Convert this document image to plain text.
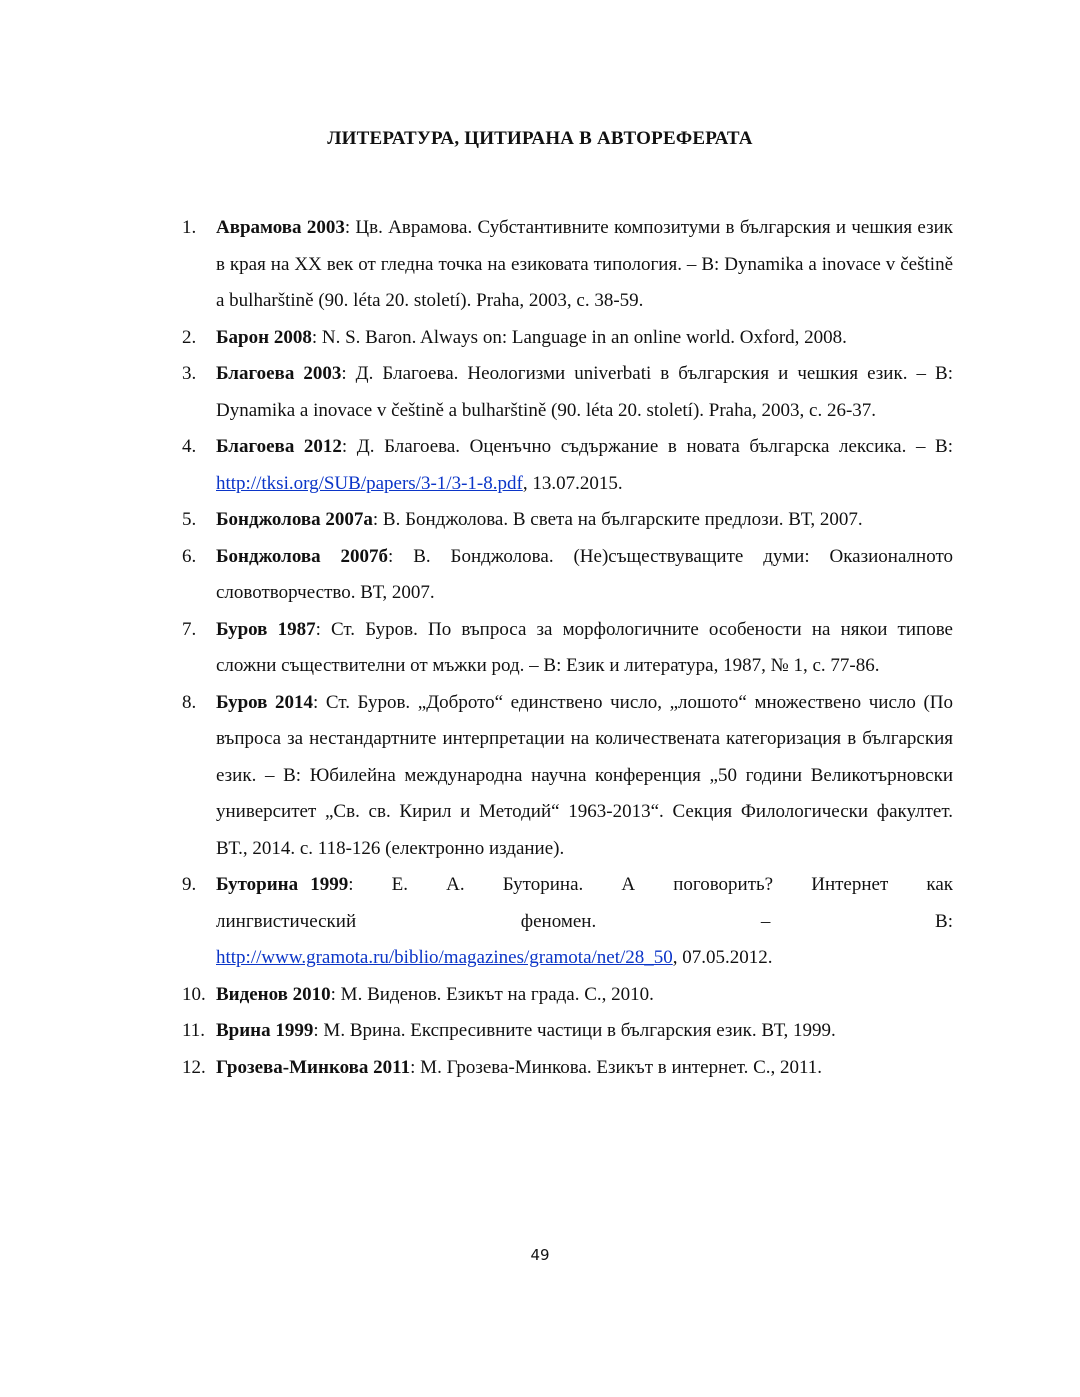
ЛИТЕРАТУРА, ЦИТИРАНА В АВТОРЕФЕРАТА
1. Аврамова 2003: Цв. Аврамова. Субстантивните композитуми в българския и чешкия език в края на ХХ век от гледна точка на езиковата типология. – В: Dynamika a inovace v češtině a bulharštině (90. léta 20. století). Praha, 2003, с. 38-59.
2. Барон 2008: N. S. Baron. Always on: Language in an online world. Oxford, 2008.
3. Благоева 2003: Д. Благоева. Неологизми univerbati в българския и чешкия език. – В: Dynamika a inovace v češtině a bulharštině (90. léta 20. století). Praha, 2003, с. 26-37.
4. Благоева 2012: Д. Благоева. Оценъчно съдържание в новата българска лексика. – В: http://tksi.org/SUB/papers/3-1/3-1-8.pdf, 13.07.2015.
5. Бонджолова 2007а: В. Бонджолова. В света на българските предлози. ВТ, 2007.
6. Бонджолова 2007б: В. Бонджолова. (Не)съществуващите думи: Оказионалното словотворчество. ВТ, 2007.
7. Буров 1987: Ст. Буров. По въпроса за морфологичните особености на някои типове сложни съществителни от мъжки род. – В: Език и литература, 1987, № 1, с. 77-86.
8. Буров 2014: Ст. Буров. „Доброто“ единствено число, „лошото“ множествено число (По въпроса за нестандартните интерпретации на количествената категоризация в българския език. – В: Юбилейна международна научна конференция „50 години Великотърновски университет „Св. св. Кирил и Методий“ 1963-2013“. Секция Филологически факултет. ВТ., 2014. с. 118-126 (електронно издание).
9. Буторина 1999: Е. А. Буторина. А поговорить? Интернет как лингвистический феномен. – В: http://www.gramota.ru/biblio/magazines/gramota/net/28_50, 07.05.2012.
10. Виденов 2010: М. Виденов. Езикът на града. С., 2010.
11. Врина 1999: М. Врина. Експресивните частици в българския език. ВТ, 1999.
12. Грозева-Минкова 2011: М. Грозева-Минкова. Езикът в интернет. С., 2011.
49
